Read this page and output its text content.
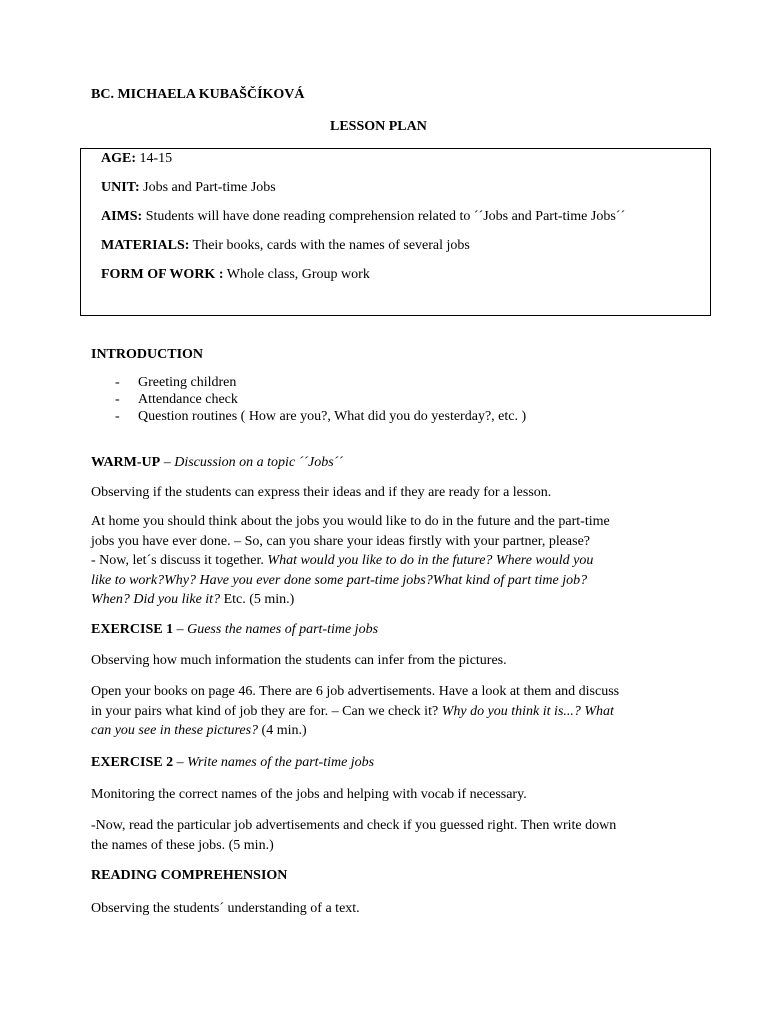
BC. MICHAELA KUBAŠČÍKOVÁ
LESSON PLAN
AGE: 14-15
UNIT: Jobs and Part-time Jobs
AIMS: Students will have done reading comprehension related to ´´Jobs and Part-time Jobs´´
MATERIALS: Their books, cards with the names of several jobs
FORM OF WORK : Whole class, Group work
INTRODUCTION
- Greeting children
- Attendance check
- Question routines ( How are you?, What did you do yesterday?, etc. )
WARM-UP – Discussion on a topic ´´Jobs´´
Observing if the students can express their ideas and if they are ready for a lesson.
At home you should think about the jobs you would like to do in the future and the part-time
jobs you have ever done. – So, can you share your ideas firstly with your partner, please?
- Now, let´s discuss it together. What would you like to do in the future? Where would you
like to work?Why? Have you ever done some part-time jobs?What kind of part time job?
When? Did you like it? Etc. (5 min.)
EXERCISE 1 – Guess the names of part-time jobs
Observing how much information the students can infer from the pictures.
Open your books on page 46. There are 6 job advertisements. Have a look at them and discuss
in your pairs what kind of job they are for. – Can we check it? Why do you think it is...? What
can you see in these pictures? (4 min.)
EXERCISE 2 – Write names of the part-time jobs
Monitoring the correct names of the jobs and helping with vocab if necessary.
-Now, read the particular job advertisements and check if you guessed right. Then write down
the names of these jobs. (5 min.)
READING COMPREHENSION
Observing the students´ understanding of a text.
